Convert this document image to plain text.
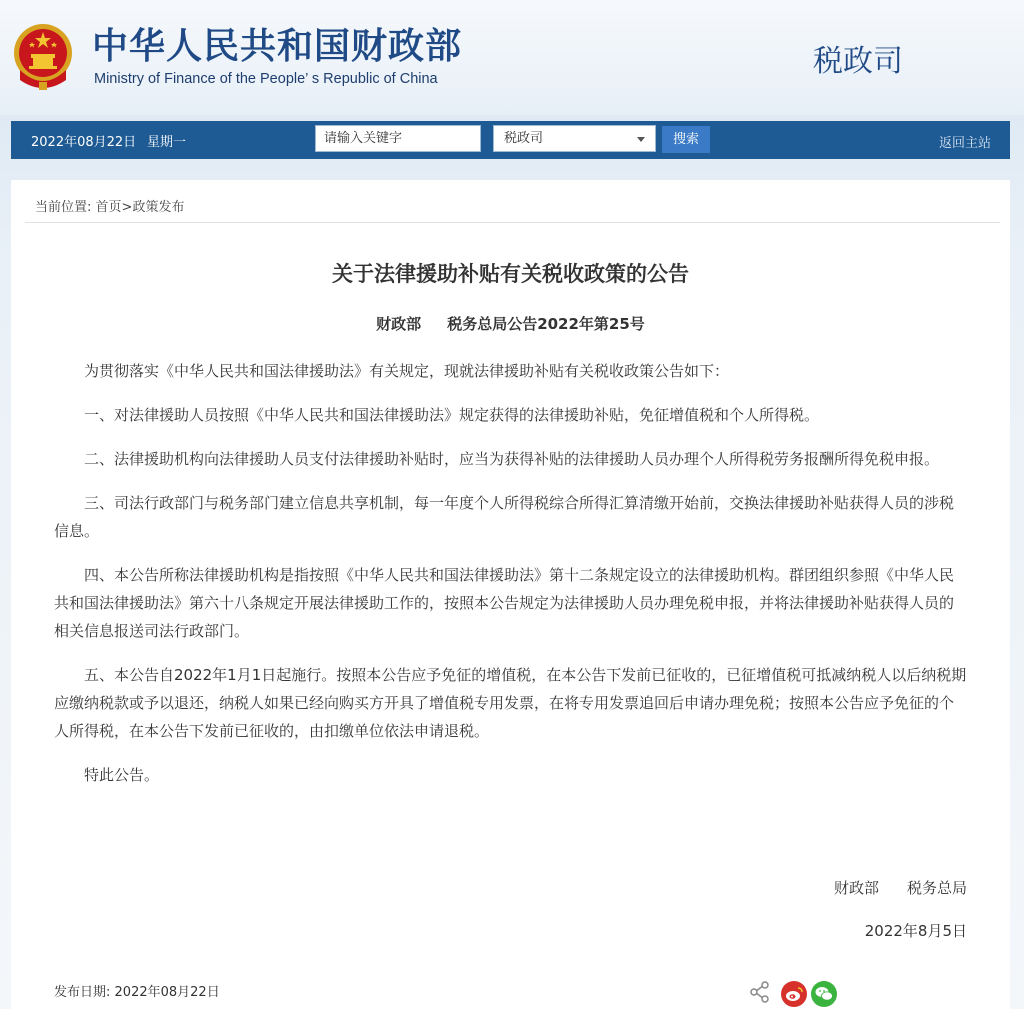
中华人民共和国财政部
Ministry of Finance of the People’ s Republic of China	税政司
2022年08月22日 星期一	请输入关键字	税政司	搜索	返回主站
当前位置: 首页>政策发布
关于法律援助补贴有关税收政策的公告
财政部 税务总局公告2022年第25号

为贯彻落实《中华人民共和国法律援助法》有关规定，现就法律援助补贴有关税收政策公告如下：

一、对法律援助人员按照《中华人民共和国法律援助法》规定获得的法律援助补贴，免征增值税和个人所得税。

二、法律援助机构向法律援助人员支付法律援助补贴时，应当为获得补贴的法律援助人员办理个人所得税劳务报酬所得免税申报。

三、司法行政部门与税务部门建立信息共享机制，每一年度个人所得税综合所得汇算清缴开始前，交换法律援助补贴获得人员的涉税信息。

四、本公告所称法律援助机构是指按照《中华人民共和国法律援助法》第十二条规定设立的法律援助机构。群团组织参照《中华人民共和国法律援助法》第六十八条规定开展法律援助工作的，按照本公告规定为法律援助人员办理免税申报，并将法律援助补贴获得人员的相关信息报送司法行政部门。

五、本公告自2022年1月1日起施行。按照本公告应予免征的增值税，在本公告下发前已征收的，已征增值税可抵减纳税人以后纳税期应缴纳税款或予以退还，纳税人如果已经向购买方开具了增值税专用发票，在将专用发票追回后申请办理免税；按照本公告应予免征的个人所得税，在本公告下发前已征收的，由扣缴单位依法申请退税。

特此公告。

财政部 税务总局
2022年8月5日
发布日期: 2022年08月22日
